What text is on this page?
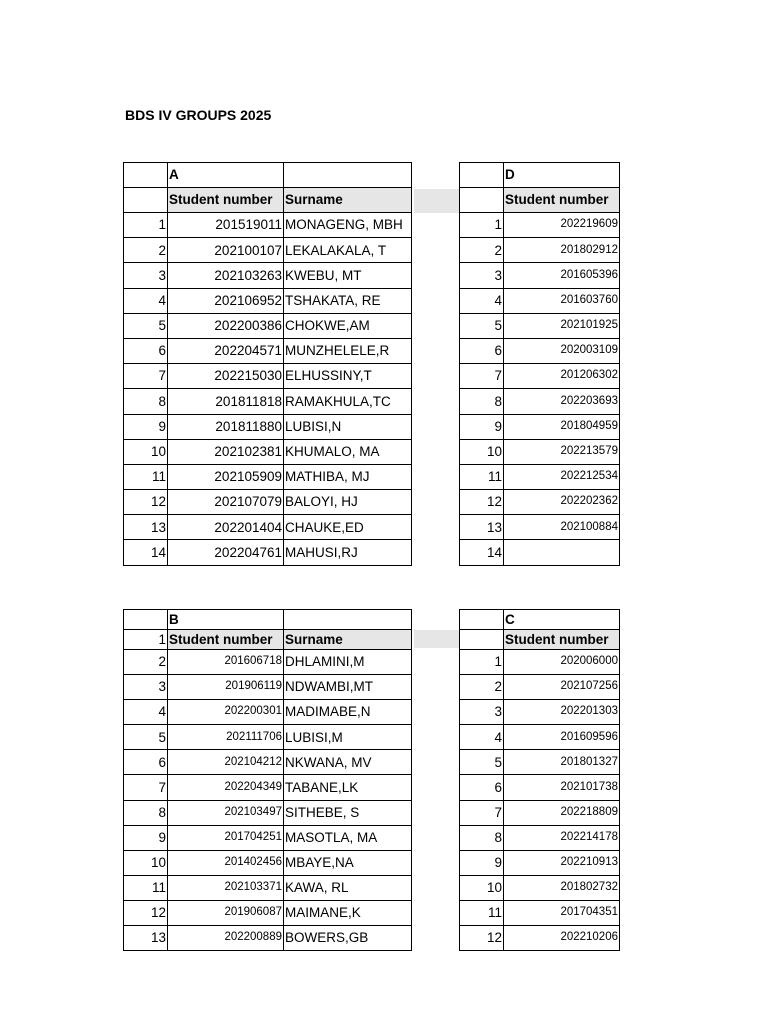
BDS IV GROUPS 2025
	A	
	Student number	Surname
1	201519011	MONAGENG, MBH
2	202100107	LEKALAKALA, T
3	202103263	KWEBU, MT
4	202106952	TSHAKATA, RE
5	202200386	CHOKWE,AM
6	202204571	MUNZHELELE,R
7	202215030	ELHUSSINY,T
8	201811818	RAMAKHULA,TC
9	201811880	LUBISI,N
10	202102381	KHUMALO, MA
11	202105909	MATHIBA, MJ
12	202107079	BALOYI, HJ
13	202201404	CHAUKE,ED
14	202204761	MAHUSI,RJ
	D
	Student number
1	202219609
2	201802912
3	201605396
4	201603760
5	202101925
6	202003109
7	201206302
8	202203693
9	201804959
10	202213579
11	202212534
12	202202362
13	202100884
14	
	B	
1	Student number	Surname
2	201606718	DHLAMINI,M
3	201906119	NDWAMBI,MT
4	202200301	MADIMABE,N
5	202111706	LUBISI,M
6	202104212	NKWANA, MV
7	202204349	TABANE,LK
8	202103497	SITHEBE, S
9	201704251	MASOTLA, MA
10	201402456	MBAYE,NA
11	202103371	KAWA, RL
12	201906087	MAIMANE,K
13	202200889	BOWERS,GB
	C
	Student number
1	202006000
2	202107256
3	202201303
4	201609596
5	201801327
6	202101738
7	202218809
8	202214178
9	202210913
10	201802732
11	201704351
12	202210206
